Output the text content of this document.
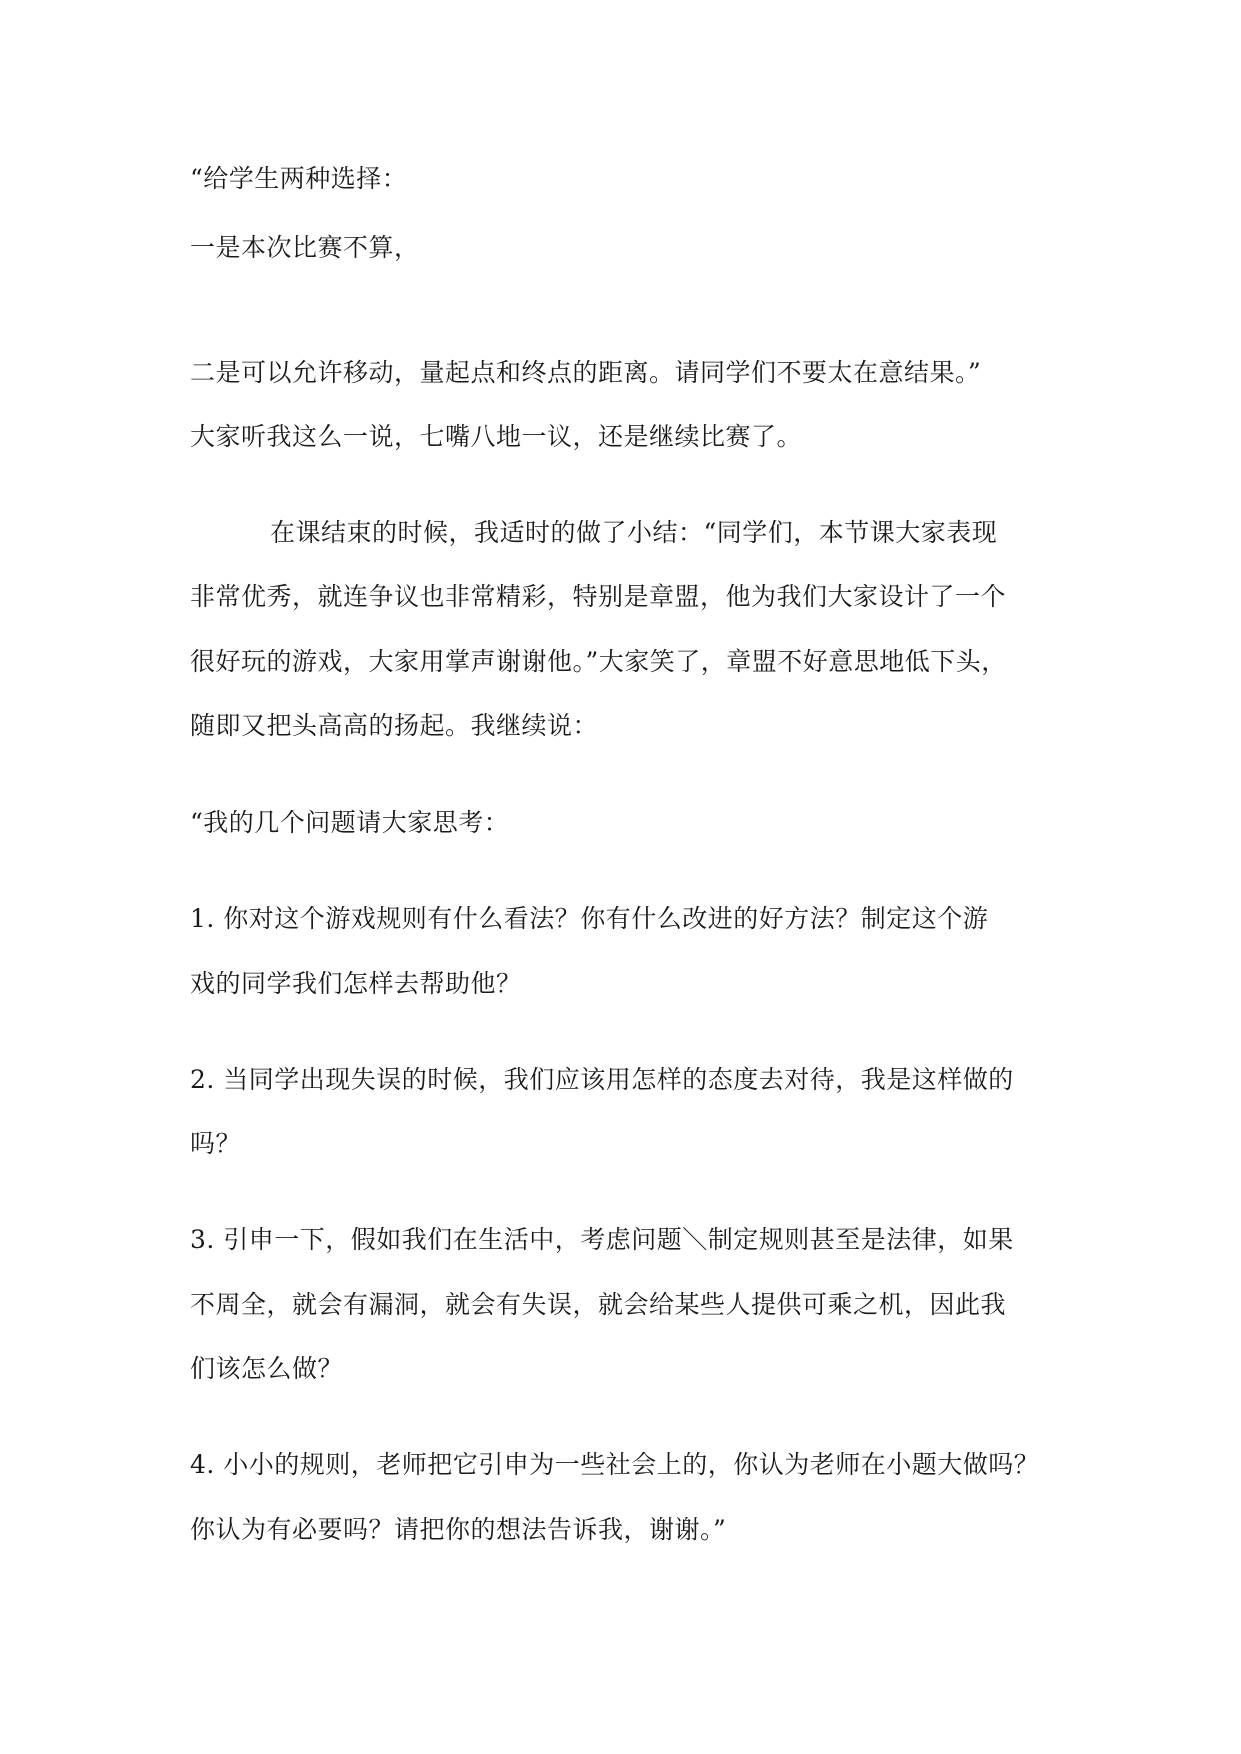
“给学生两种选择：
一是本次比赛不算，
二是可以允许移动，量起点和终点的距离。请同学们不要太在意结果。”
大家听我这么一说，七嘴八地一议，还是继续比赛了。
在课结束的时候，我适时的做了小结：“同学们，本节课大家表现
非常优秀，就连争议也非常精彩，特别是章盟，他为我们大家设计了一个
很好玩的游戏，大家用掌声谢谢他。”大家笑了，章盟不好意思地低下头，
随即又把头高高的扬起。我继续说：
“我的几个问题请大家思考：
1. 你对这个游戏规则有什么看法？你有什么改进的好方法？制定这个游
戏的同学我们怎样去帮助他？
2. 当同学出现失误的时候，我们应该用怎样的态度去对待，我是这样做的
吗？
3. 引申一下，假如我们在生活中，考虑问题＼制定规则甚至是法律，如果
不周全，就会有漏洞，就会有失误，就会给某些人提供可乘之机，因此我
们该怎么做？
4. 小小的规则，老师把它引申为一些社会上的，你认为老师在小题大做吗？
你认为有必要吗？请把你的想法告诉我，谢谢。”
